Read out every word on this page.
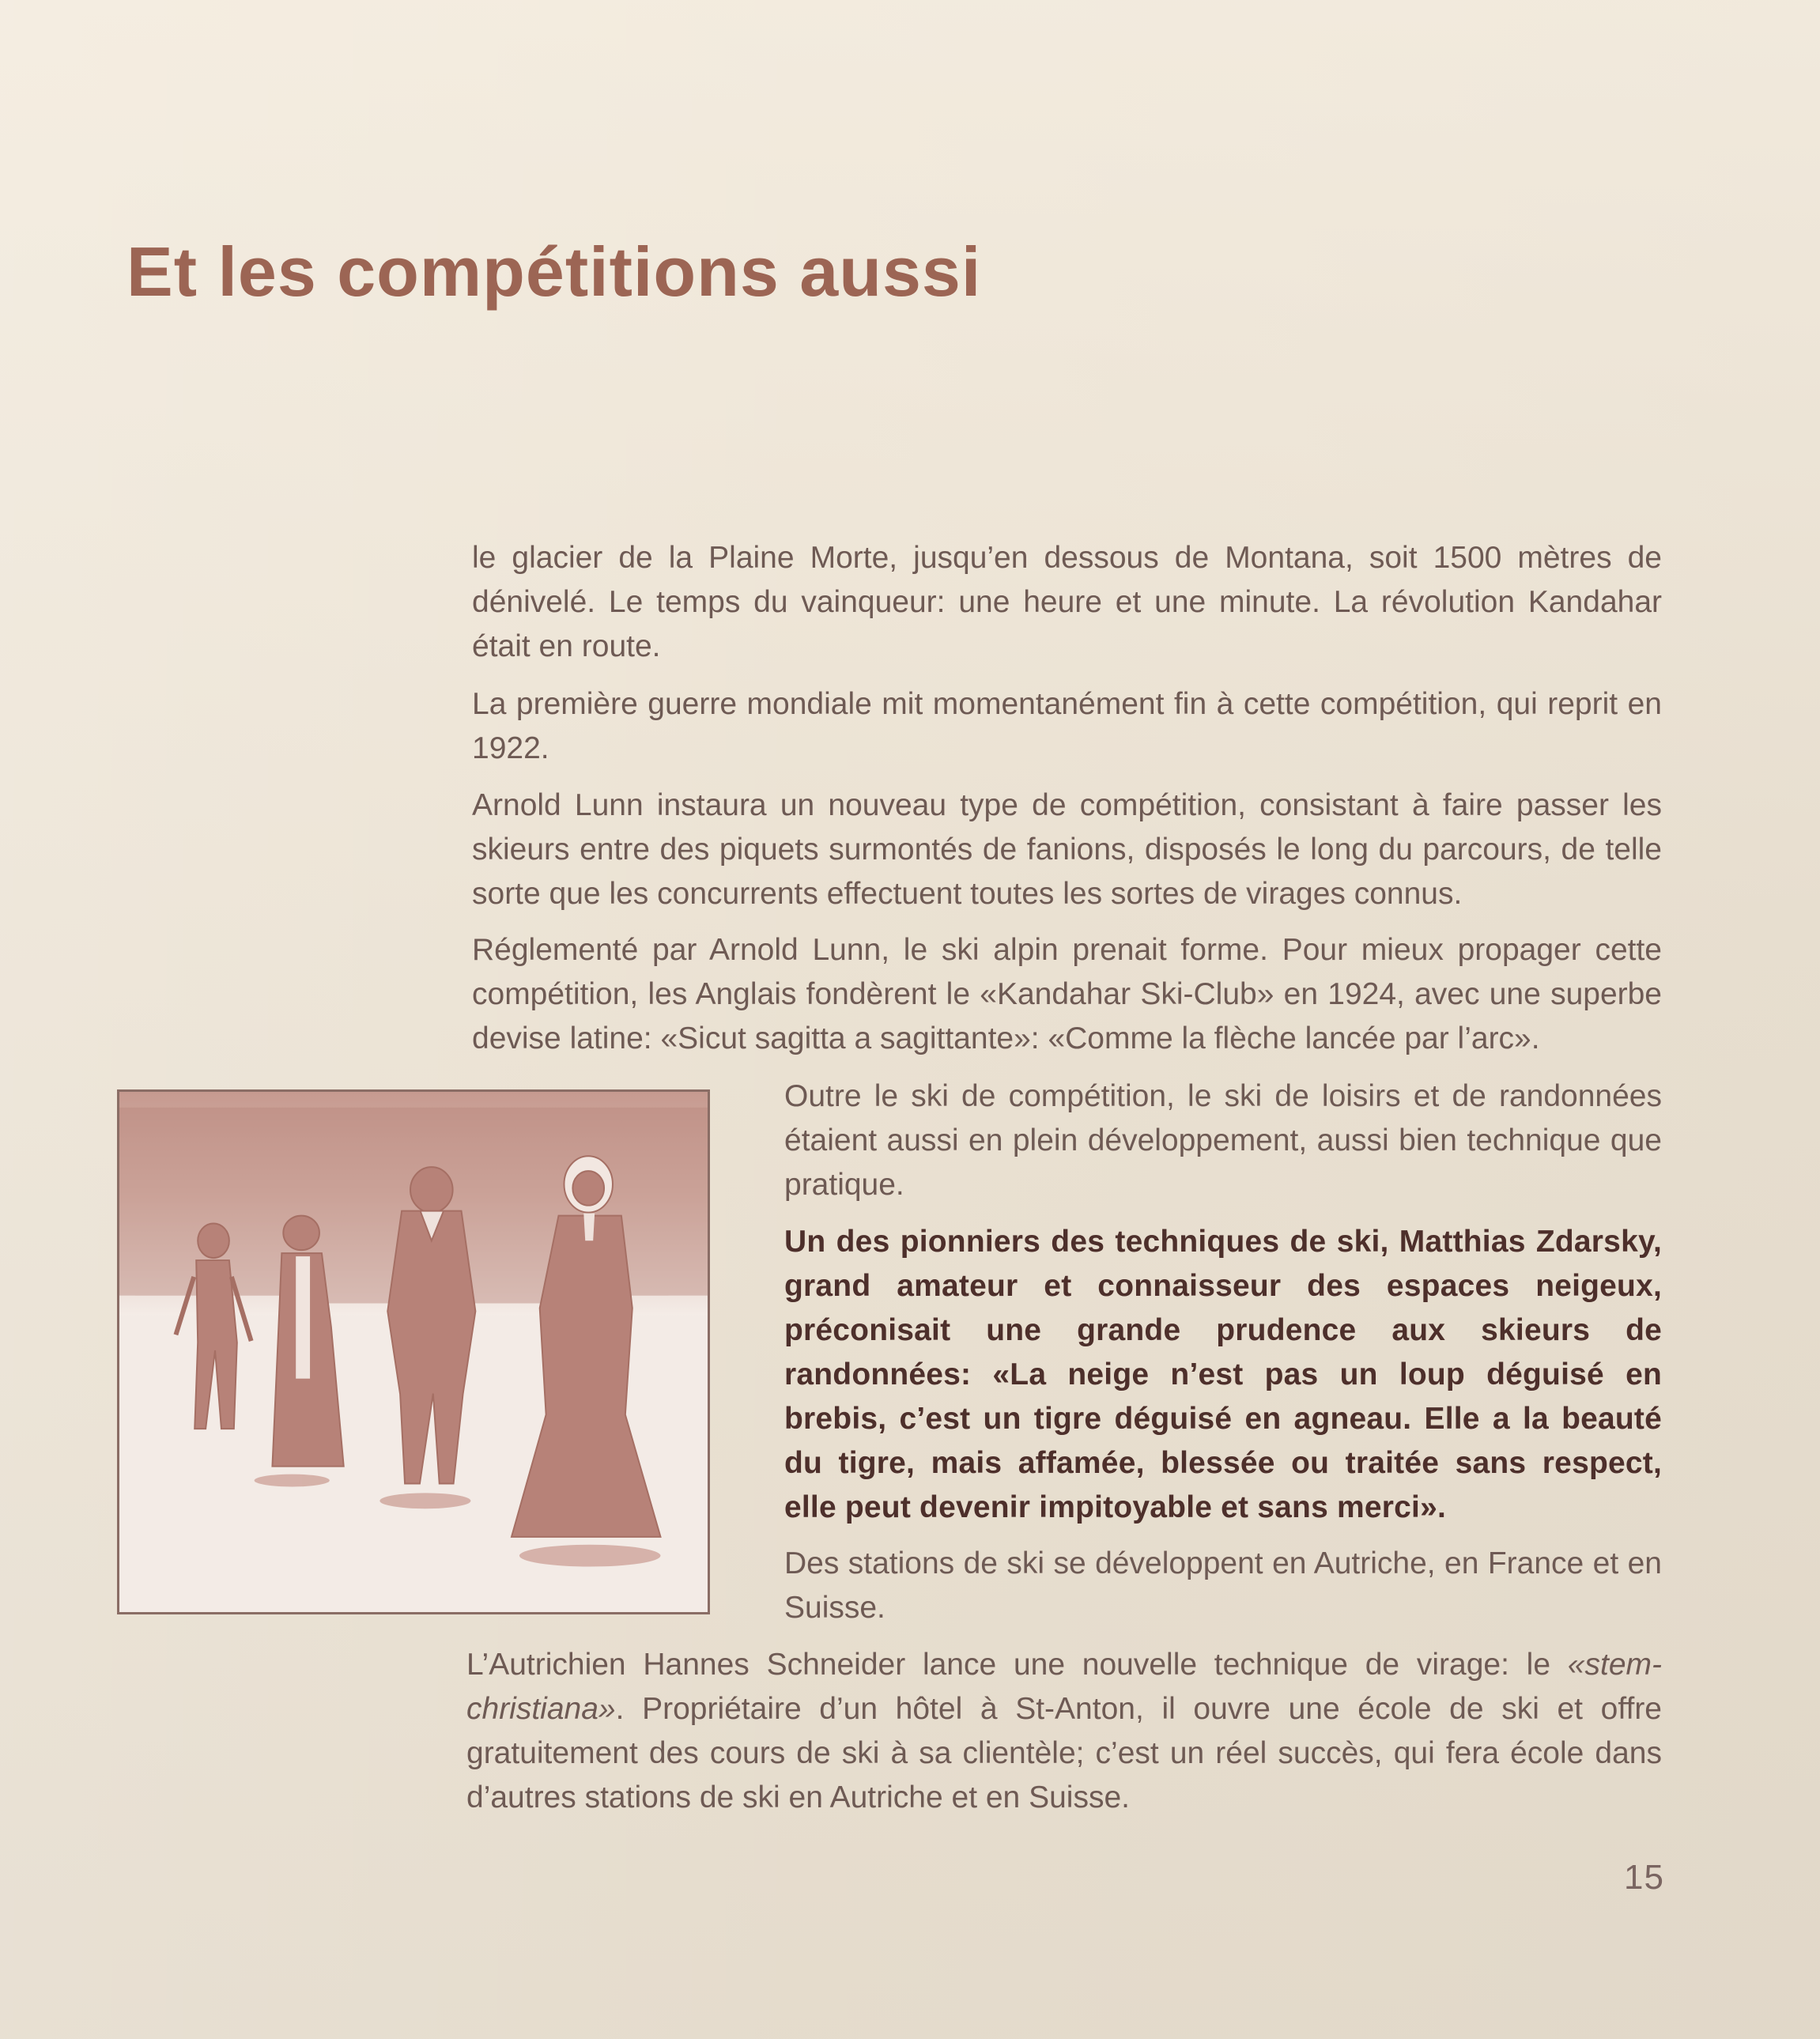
Et les compétitions aussi

le glacier de la Plaine Morte, jusqu’en dessous de Montana, soit 1500 mètres de dénivelé. Le temps du vainqueur: une heure et une minute. La révolution Kandahar était en route.

La première guerre mondiale mit momentanément fin à cette compétition, qui reprit en 1922.

Arnold Lunn instaura un nouveau type de compétition, consistant à faire passer les skieurs entre des piquets surmontés de fanions, disposés le long du parcours, de telle sorte que les concurrents effectuent toutes les sortes de virages connus.

Réglementé par Arnold Lunn, le ski alpin prenait forme. Pour mieux propager cette compétition, les Anglais fondèrent le «Kandahar Ski-Club» en 1924, avec une superbe devise latine: «Sicut sagitta a sagittante»: «Comme la flèche lancée par l’arc».

Outre le ski de compétition, le ski de loisirs et de randonnées étaient aussi en plein développement, aussi bien technique que pratique.

Un des pionniers des techniques de ski, Matthias Zdarsky, grand amateur et connaisseur des espaces neigeux, préconisait une grande prudence aux skieurs de randonnées: «La neige n’est pas un loup déguisé en brebis, c’est un tigre déguisé en agneau. Elle a la beauté du tigre, mais affamée, blessée ou traitée sans respect, elle peut devenir impitoyable et sans merci».

Des stations de ski se développent en Autriche, en France et en Suisse.

L’Autrichien Hannes Schneider lance une nouvelle technique de virage: le «stem-christiana». Propriétaire d’un hôtel à St-Anton, il ouvre une école de ski et offre gratuitement des cours de ski à sa clientèle; c’est un réel succès, qui fera école dans d’autres stations de ski en Autriche et en Suisse.

15
